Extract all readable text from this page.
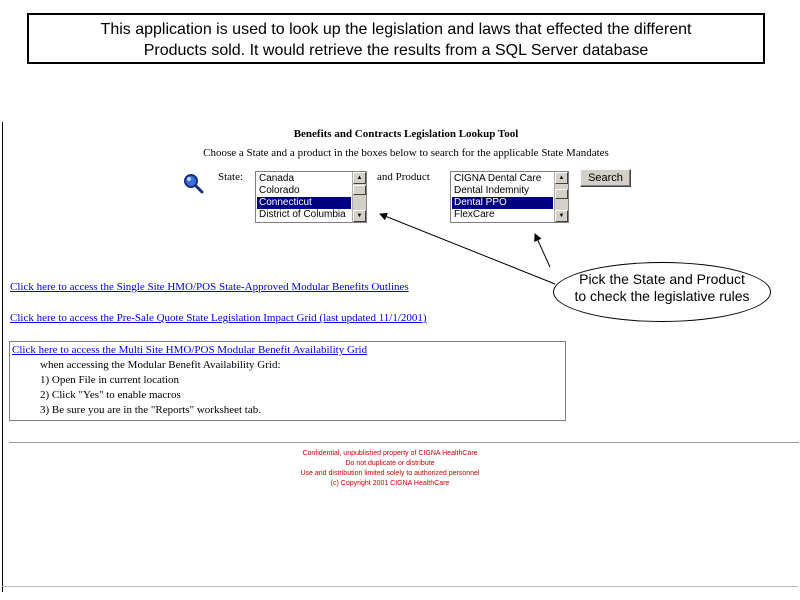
This application is used to look up the legislation and laws that effected the different
Products sold. It would retrieve the results from a SQL Server database
Benefits and Contracts Legislation Lookup Tool
Choose a State and a product in the boxes below to search for the applicable State Mandates
State: Canada
Colorado
Connecticut
District of Columbia
▲
▼
and Product CIGNA Dental Care
Dental Indemnity
Dental PPO
FlexCare
▲
▼
Search
Pick the State and Product
to check the legislative rules
Click here to access the Single Site HMO/POS State-Approved Modular Benefits Outlines
Click here to access the Pre-Sale Quote State Legislation Impact Grid (last updated 11/1/2001)
Click here to access the Multi Site HMO/POS Modular Benefit Availability Grid
when accessing the Modular Benefit Availability Grid:
1) Open File in current location
2) Click "Yes" to enable macros
3) Be sure you are in the "Reports" worksheet tab.
Confidential, unpublished property of CIGNA HealthCare
Do not duplicate or distribute
Use and distribution limited solely to authorized personnel
(c) Copyright 2001 CIGNA HealthCare
